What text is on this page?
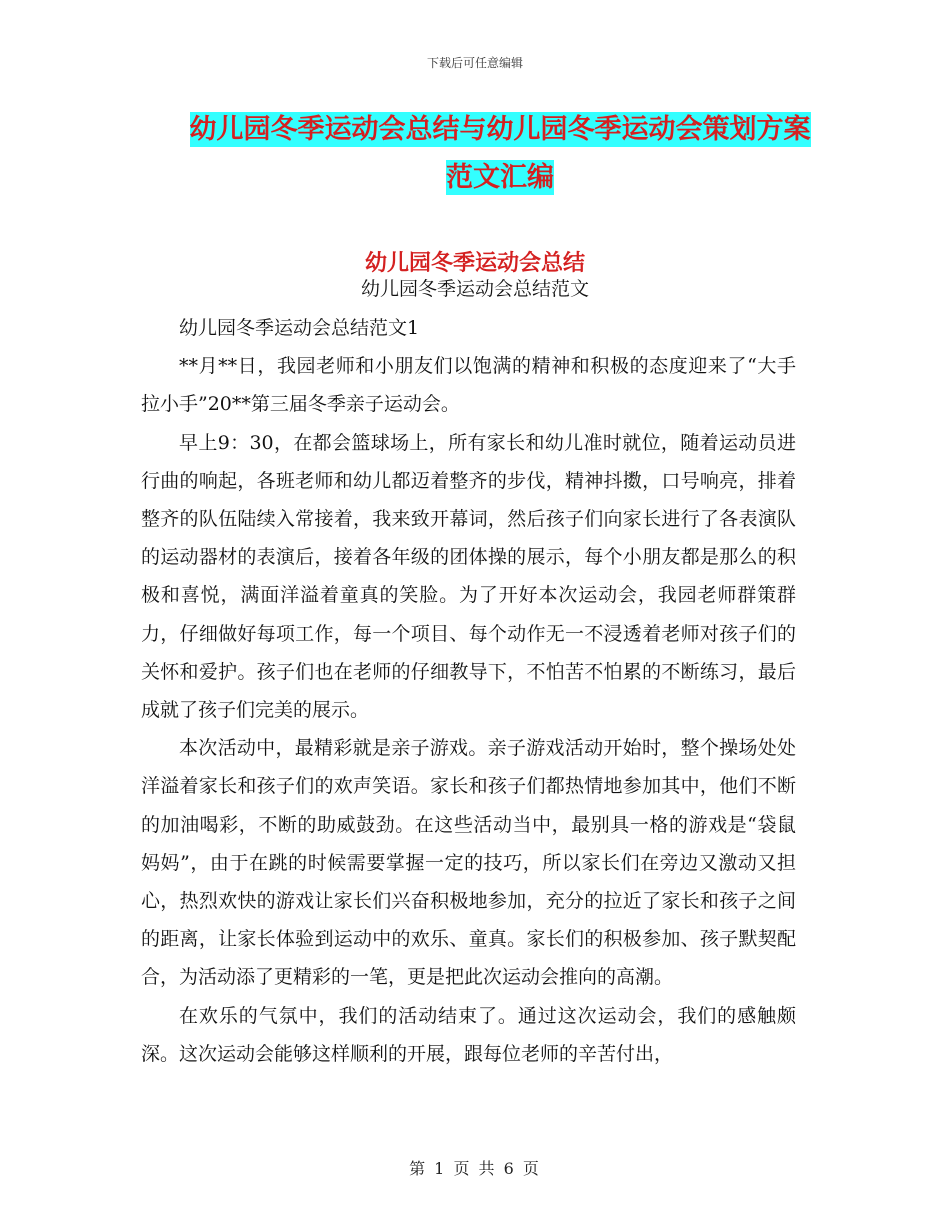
下载后可任意编辑
幼儿园冬季运动会总结与幼儿园冬季运动会策划方案
范文汇编
幼儿园冬季运动会总结
幼儿园冬季运动会总结范文

幼儿园冬季运动会总结范文1

**月**日，我园老师和小朋友们以饱满的精神和积极的态度迎来了“大手拉小手”20**第三届冬季亲子运动会。

早上9：30，在都会篮球场上，所有家长和幼儿准时就位，随着运动员进行曲的响起，各班老师和幼儿都迈着整齐的步伐，精神抖擞，口号响亮，排着整齐的队伍陆续入常接着，我来致开幕词，然后孩子们向家长进行了各表演队的运动器材的表演后，接着各年级的团体操的展示，每个小朋友都是那么的积极和喜悦，满面洋溢着童真的笑脸。为了开好本次运动会，我园老师群策群力，仔细做好每项工作，每一个项目、每个动作无一不浸透着老师对孩子们的关怀和爱护。孩子们也在老师的仔细教导下，不怕苦不怕累的不断练习，最后成就了孩子们完美的展示。

本次活动中，最精彩就是亲子游戏。亲子游戏活动开始时，整个操场处处洋溢着家长和孩子们的欢声笑语。家长和孩子们都热情地参加其中，他们不断的加油喝彩，不断的助威鼓劲。在这些活动当中，最别具一格的游戏是“袋鼠妈妈”，由于在跳的时候需要掌握一定的技巧，所以家长们在旁边又激动又担心，热烈欢快的游戏让家长们兴奋积极地参加，充分的拉近了家长和孩子之间的距离，让家长体验到运动中的欢乐、童真。家长们的积极参加、孩子默契配合，为活动添了更精彩的一笔，更是把此次运动会推向的高潮。

在欢乐的气氛中，我们的活动结束了。通过这次运动会，我们的感触颇深。这次运动会能够这样顺利的开展，跟每位老师的辛苦付出，

第 1 页 共 6 页
